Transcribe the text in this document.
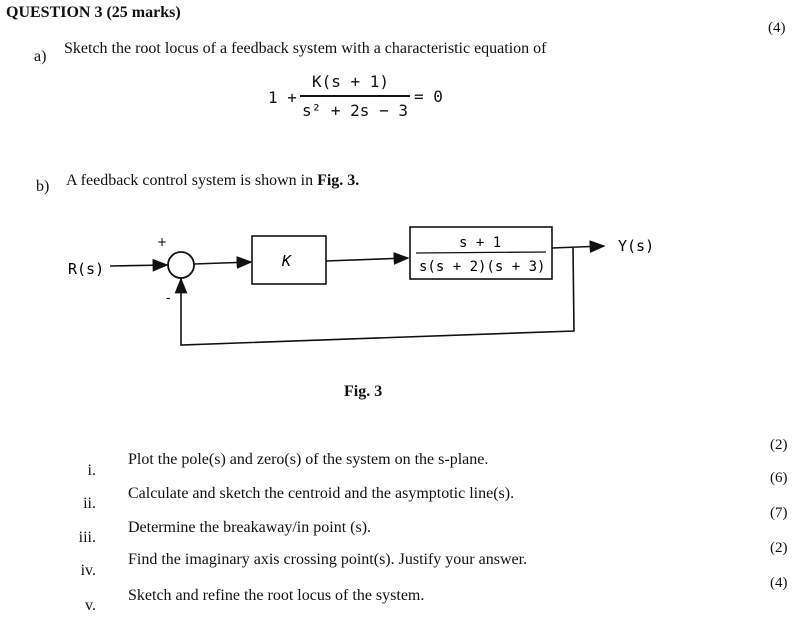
QUESTION 3 (25 marks)
(4)
a) Sketch the root locus of a feedback system with a characteristic equation of
1 +
K(s + 1)
s² + 2s − 3
= 0
b) A feedback control system is shown in Fig. 3.
R(s)
+
-
K
s + 1
s(s + 2)(s + 3)
Y(s)
Fig. 3
i.
Plot the pole(s) and zero(s) of the system on the s-plane.
(2)
ii.
Calculate and sketch the centroid and the asymptotic line(s).
(6)
iii.
Determine the breakaway/in point (s).
(7)
iv.
Find the imaginary axis crossing point(s). Justify your answer.
(2)
v.
Sketch and refine the root locus of the system.
(4)
